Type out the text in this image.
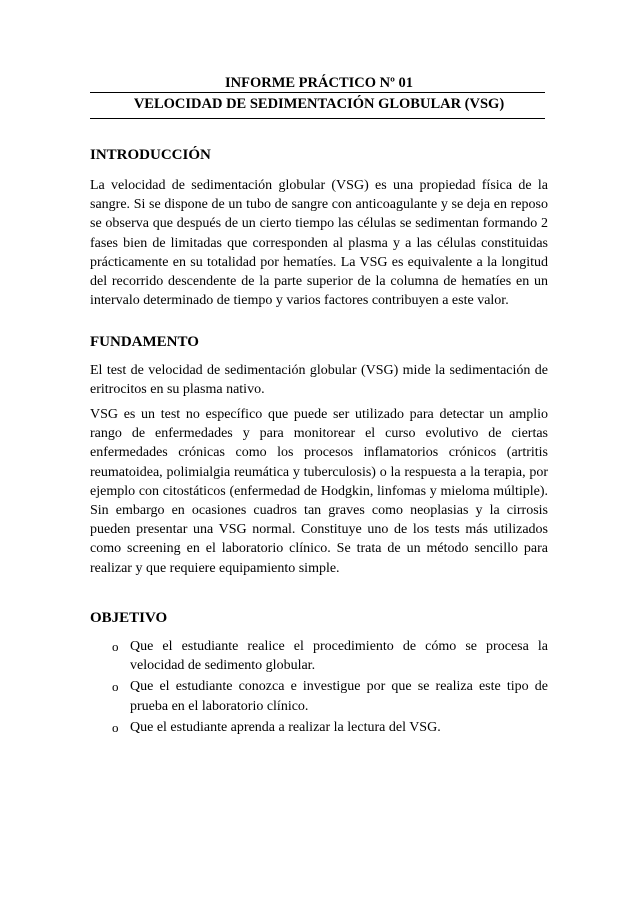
INFORME PRÁCTICO Nº 01
VELOCIDAD DE SEDIMENTACIÓN GLOBULAR (VSG)
INTRODUCCIÓN

La velocidad de sedimentación globular (VSG) es una propiedad física de la sangre. Si se dispone de un tubo de sangre con anticoagulante y se deja en reposo se observa que después de un cierto tiempo las células se sedimentan formando 2 fases bien de limitadas que corresponden al plasma y a las células constituidas prácticamente en su totalidad por hematíes. La VSG es equivalente a la longitud del recorrido descendente de la parte superior de la columna de hematíes en un intervalo determinado de tiempo y varios factores contribuyen a este valor.

FUNDAMENTO

El test de velocidad de sedimentación globular (VSG) mide la sedimentación de eritrocitos en su plasma nativo.

VSG es un test no específico que puede ser utilizado para detectar un amplio rango de enfermedades y para monitorear el curso evolutivo de ciertas enfermedades crónicas como los procesos inflamatorios crónicos (artritis reumatoidea, polimialgia reumática y tuberculosis) o la respuesta a la terapia, por ejemplo con citostáticos (enfermedad de Hodgkin, linfomas y mieloma múltiple). Sin embargo en ocasiones cuadros tan graves como neoplasias y la cirrosis pueden presentar una VSG normal. Constituye uno de los tests más utilizados como screening en el laboratorio clínico. Se trata de un método sencillo para realizar y que requiere equipamiento simple.

OBJETIVO
o Que el estudiante realice el procedimiento de cómo se procesa la velocidad de sedimento globular.
o Que el estudiante conozca e investigue por que se realiza este tipo de prueba en el laboratorio clínico.
o Que el estudiante aprenda a realizar la lectura del VSG.
